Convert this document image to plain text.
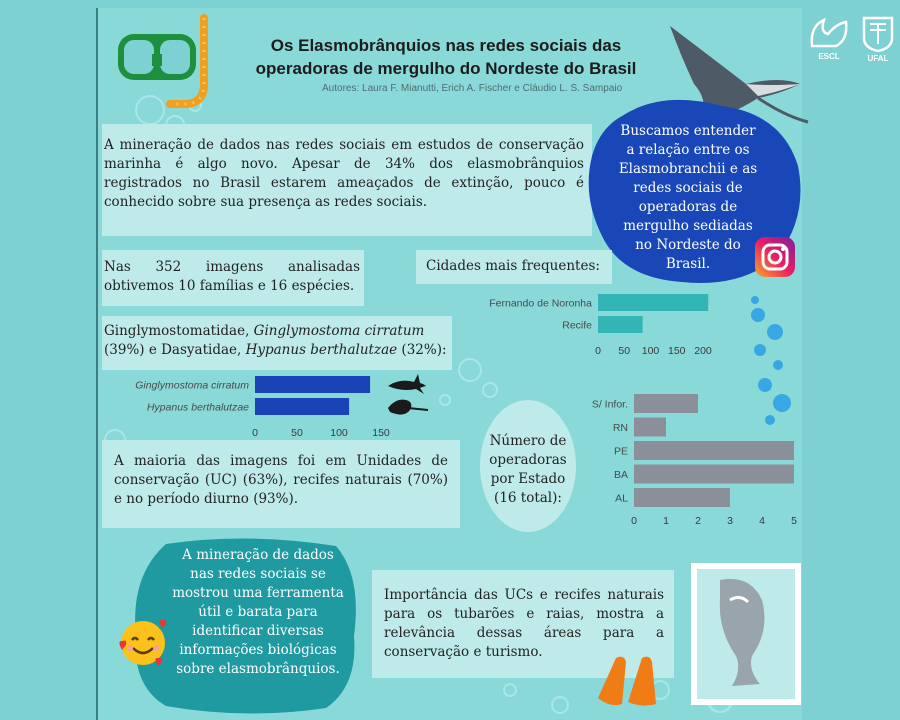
Os Elasmobrânquios nas redes sociais das
operadoras de mergulho do Nordeste do Brasil
Autores: Laura F. Mianutti, Erich A. Fischer e Cláudio L. S. Sampaio
ESCL	UFAL
A mineração de dados nas redes sociais em estudos de conservação marinha é algo novo. Apesar de 34% dos elasmobrânquios registrados no Brasil estarem ameaçados de extinção, pouco é conhecido sobre sua presença as redes sociais.
Buscamos entender
a relação entre os
Elasmobranchii e as
redes sociais de
operadoras de
mergulho sediadas
no Nordeste do
Brasil.
Nas 352 imagens analisadas obtivemos 10 famílias e 16 espécies.
Cidades mais frequentes:
Fernando de Noronha
Recife
0 50 100 150 200
Ginglymostomatidae, Ginglymostoma cirratum (39%) e Dasyatidae, Hypanus berthalutzae (32%):
Ginglymostoma cirratum
Hypanus berthalutzae
0	50	100 150	Número de
operadoras
por Estado
(16 total):
S/ Infor.
RN
PE
BA
AL
0 1 2 3 4 5
A maioria das imagens foi em Unidades de conservação (UC) (63%), recifes naturais (70%) e no período diurno (93%).
A mineração de dados
nas redes sociais se
mostrou uma ferramenta
útil e barata para
identificar diversas
informações biológicas
sobre elasmobrânquios.
Importância das UCs e recifes naturais para os tubarões e raias, mostra a relevância dessas áreas para a conservação e turismo.
